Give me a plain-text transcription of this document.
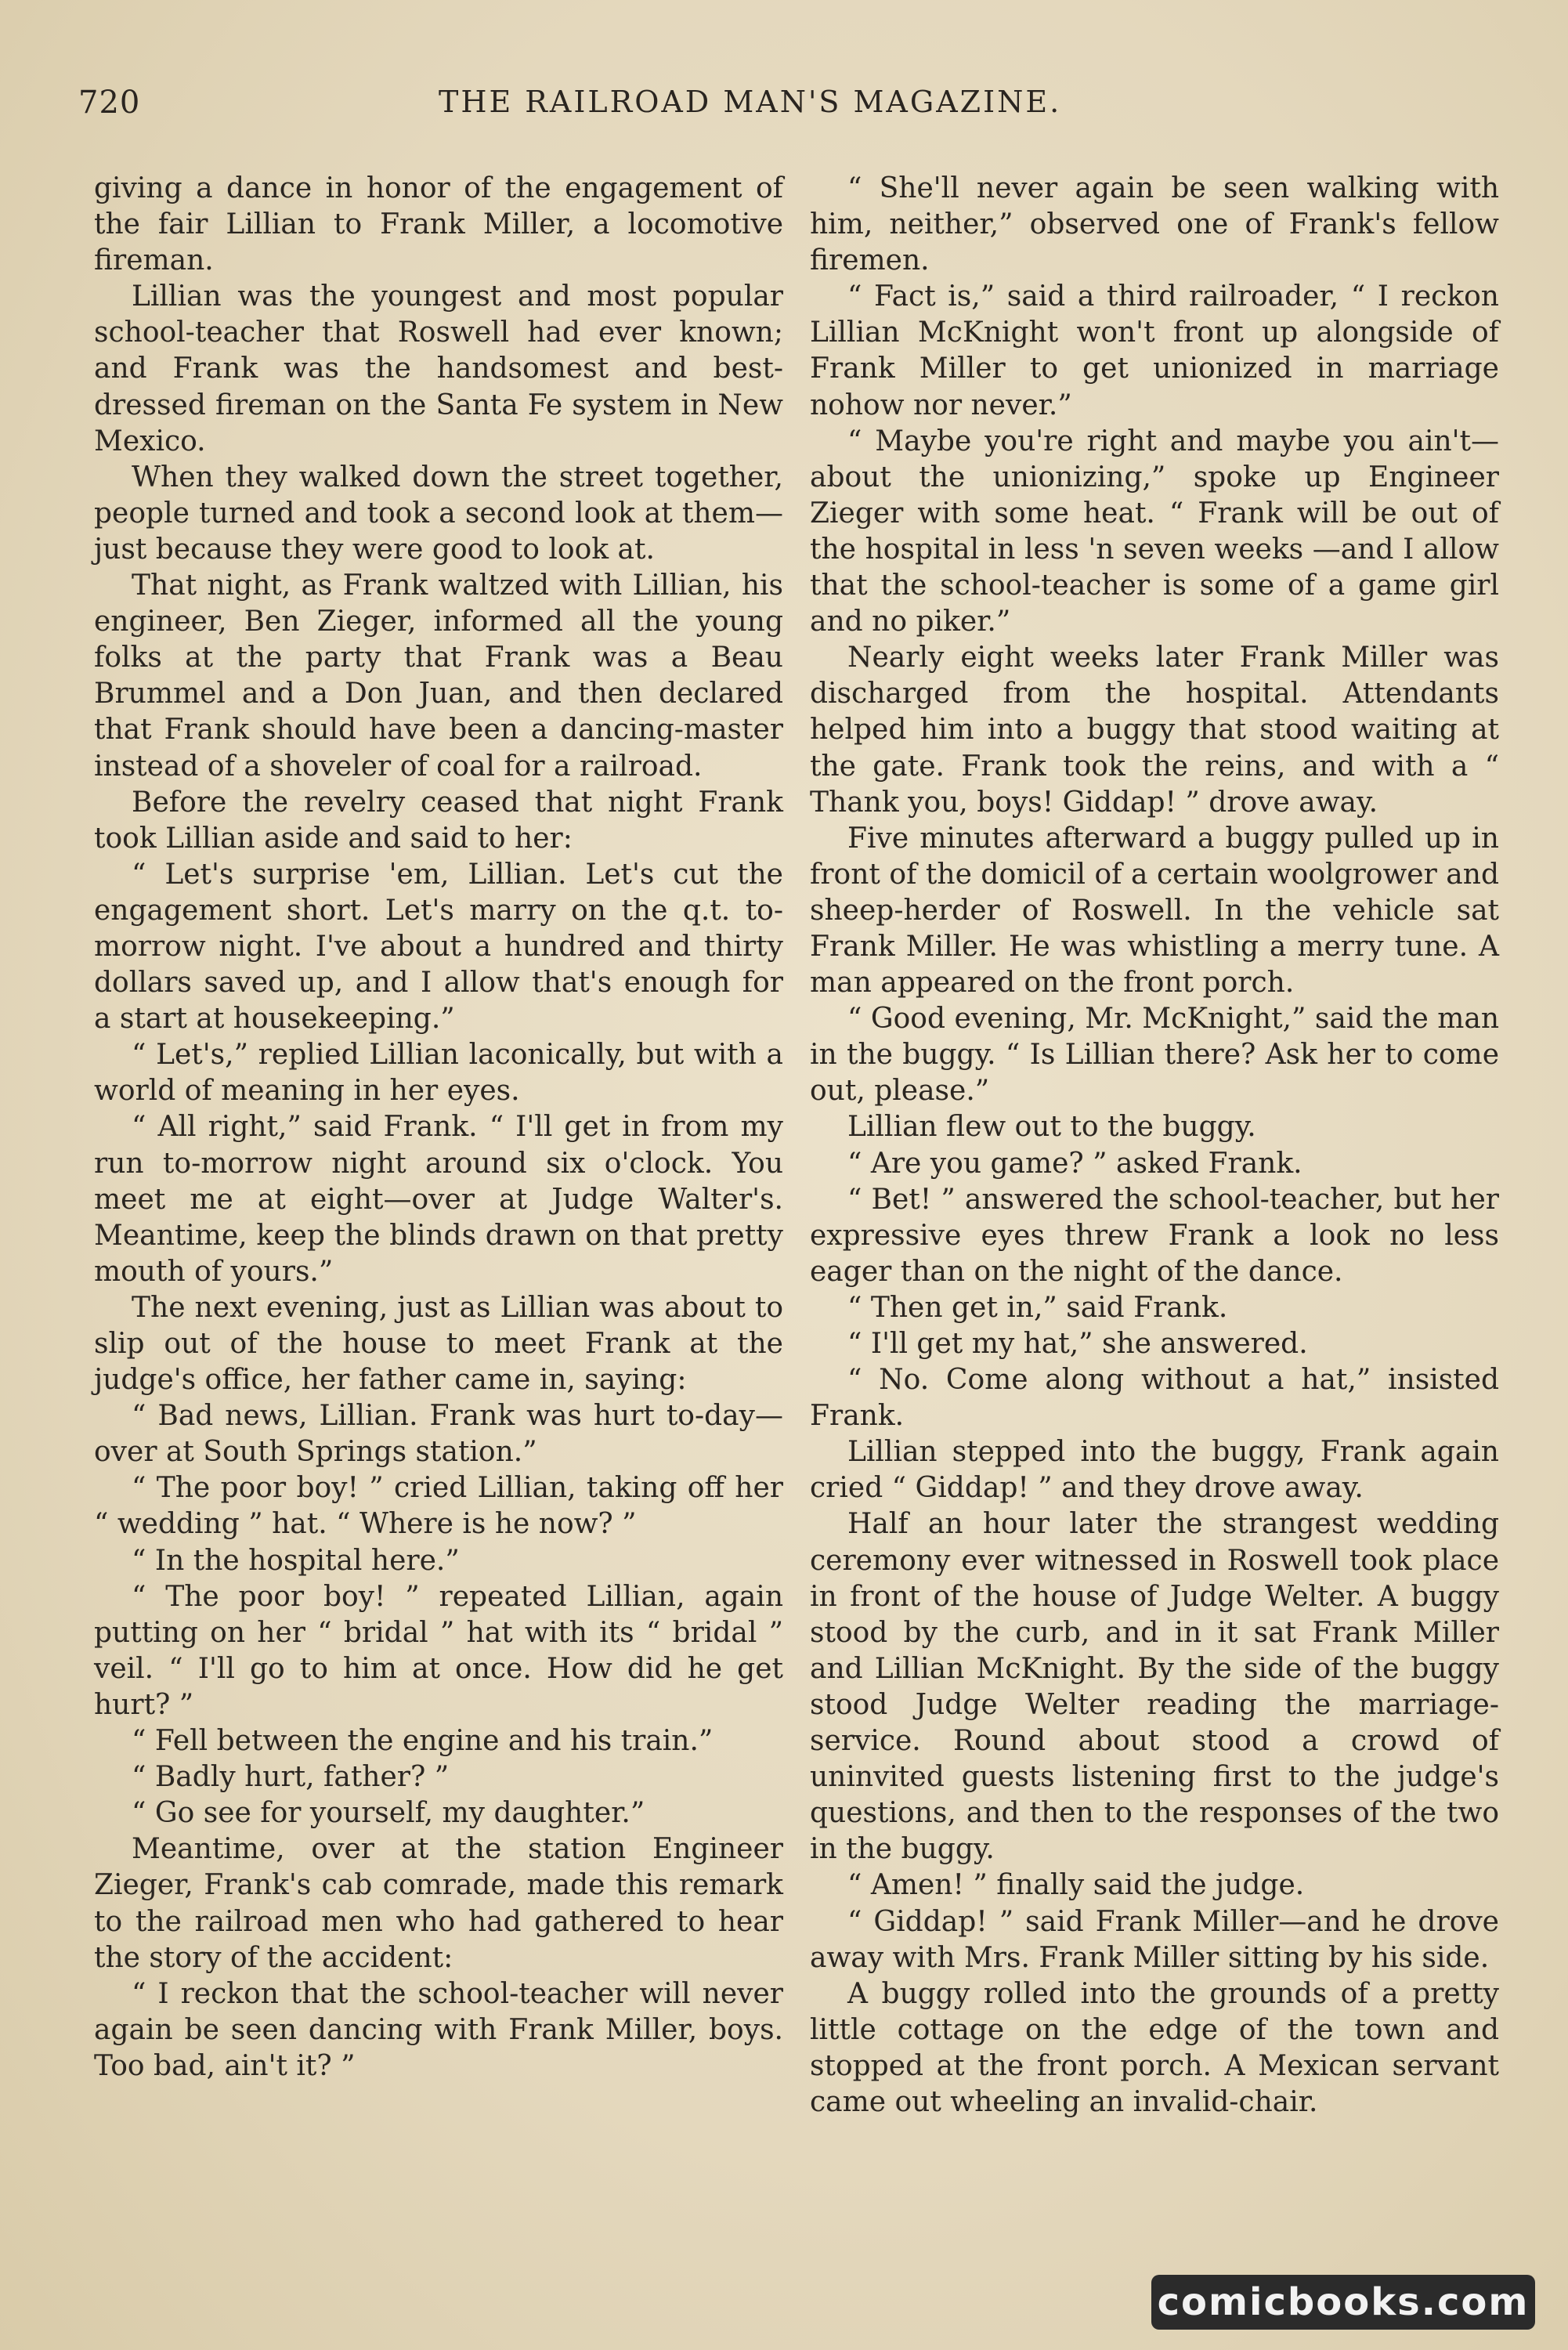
720	THE RAILROAD MAN'S MAGAZINE.

giving a dance in honor of the engagement of the fair Lillian to Frank Miller, a locomotive fireman.

Lillian was the youngest and most popular school-teacher that Roswell had ever known; and Frank was the handsomest and best-dressed fireman on the Santa Fe system in New Mexico.

When they walked down the street together, people turned and took a second look at them—just because they were good to look at.

That night, as Frank waltzed with Lillian, his engineer, Ben Zieger, informed all the young folks at the party that Frank was a Beau Brummel and a Don Juan, and then declared that Frank should have been a dancing-master instead of a shoveler of coal for a railroad.

Before the revelry ceased that night Frank took Lillian aside and said to her:

“ Let's surprise 'em, Lillian. Let's cut the engagement short. Let's marry on the q.t. to-morrow night. I've about a hundred and thirty dollars saved up, and I allow that's enough for a start at housekeeping.”

“ Let's,” replied Lillian laconically, but with a world of meaning in her eyes.

“ All right,” said Frank. “ I'll get in from my run to-morrow night around six o'clock. You meet me at eight—over at Judge Walter's. Meantime, keep the blinds drawn on that pretty mouth of yours.”

The next evening, just as Lillian was about to slip out of the house to meet Frank at the judge's office, her father came in, saying:

“ Bad news, Lillian. Frank was hurt to-day—over at South Springs station.”

“ The poor boy! ” cried Lillian, taking off her “ wedding ” hat. “ Where is he now? ”

“ In the hospital here.”

“ The poor boy! ” repeated Lillian, again putting on her “ bridal ” hat with its “ bridal ” veil. “ I'll go to him at once. How did he get hurt? ”

“ Fell between the engine and his train.”

“ Badly hurt, father? ”

“ Go see for yourself, my daughter.”

Meantime, over at the station Engineer Zieger, Frank's cab comrade, made this remark to the railroad men who had gathered to hear the story of the accident:

“ I reckon that the school-teacher will never again be seen dancing with Frank Miller, boys. Too bad, ain't it? ”

“ She'll never again be seen walking with him, neither,” observed one of Frank's fellow firemen.

“ Fact is,” said a third railroader, “ I reckon Lillian McKnight won't front up alongside of Frank Miller to get unionized in marriage nohow nor never.”

“ Maybe you're right and maybe you ain't—about the unionizing,” spoke up Engineer Zieger with some heat. “ Frank will be out of the hospital in less 'n seven weeks —and I allow that the school-teacher is some of a game girl and no piker.”

Nearly eight weeks later Frank Miller was discharged from the hospital. Attendants helped him into a buggy that stood waiting at the gate. Frank took the reins, and with a “ Thank you, boys! Giddap! ” drove away.

Five minutes afterward a buggy pulled up in front of the domicil of a certain woolgrower and sheep-herder of Roswell. In the vehicle sat Frank Miller. He was whistling a merry tune. A man appeared on the front porch.

“ Good evening, Mr. McKnight,” said the man in the buggy. “ Is Lillian there? Ask her to come out, please.”

Lillian flew out to the buggy.

“ Are you game? ” asked Frank.

“ Bet! ” answered the school-teacher, but her expressive eyes threw Frank a look no less eager than on the night of the dance.

“ Then get in,” said Frank.

“ I'll get my hat,” she answered.

“ No. Come along without a hat,” insisted Frank.

Lillian stepped into the buggy, Frank again cried “ Giddap! ” and they drove away.

Half an hour later the strangest wedding ceremony ever witnessed in Roswell took place in front of the house of Judge Welter. A buggy stood by the curb, and in it sat Frank Miller and Lillian McKnight. By the side of the buggy stood Judge Welter reading the marriage-service. Round about stood a crowd of uninvited guests listening first to the judge's questions, and then to the responses of the two in the buggy.

“ Amen! ” finally said the judge.

“ Giddap! ” said Frank Miller—and he drove away with Mrs. Frank Miller sitting by his side.

A buggy rolled into the grounds of a pretty little cottage on the edge of the town and stopped at the front porch. A Mexican servant came out wheeling an invalid-chair.

comicbooks.com
